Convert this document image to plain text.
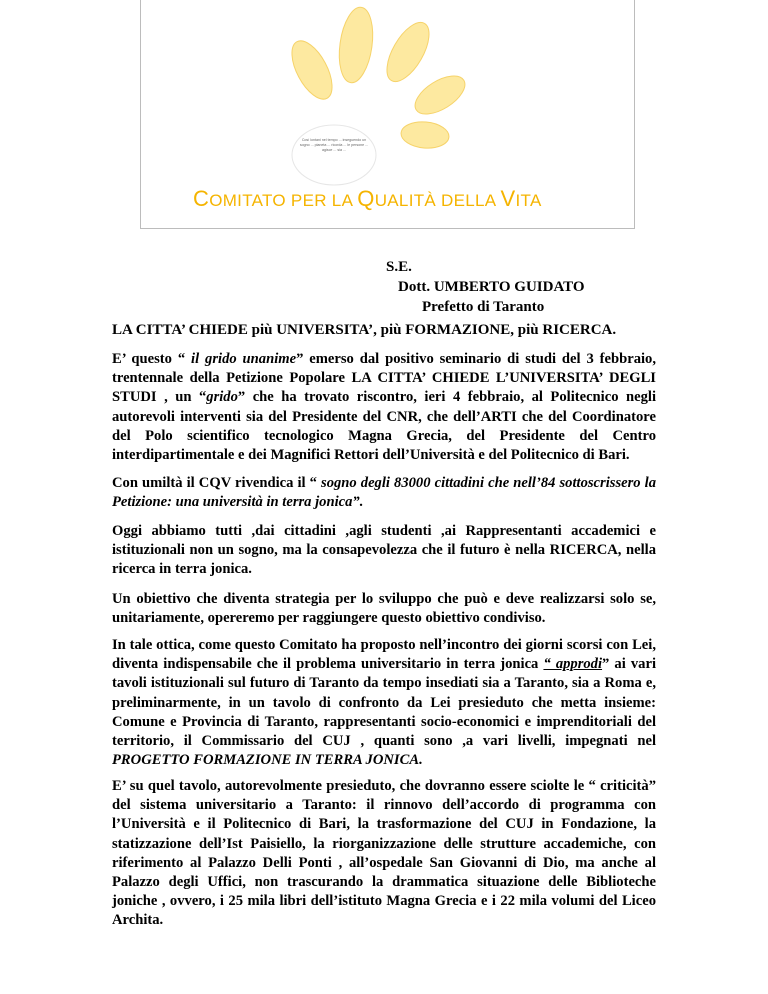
Così lontani nel tempo ... inseguendo un sogno ... pianeta ... ricorda ... le persone ... agisce ... sia ...
COMITATO PER LA QUALITÀ DELLA VITA
S.E.
Dott. UMBERTO GUIDATO
Prefetto di Taranto
LA CITTA’ CHIEDE più UNIVERSITA’, più FORMAZIONE, più RICERCA.
E’ questo “ il grido unanime” emerso dal positivo seminario di studi del 3 febbraio, trentennale della Petizione Popolare LA CITTA’ CHIEDE L’UNIVERSITA’ DEGLI STUDI , un “grido” che ha trovato riscontro, ieri 4 febbraio, al Politecnico negli autorevoli interventi sia del Presidente del CNR, che dell’ARTI che del Coordinatore del Polo scientifico tecnologico Magna Grecia, del Presidente del Centro interdipartimentale e dei Magnifici Rettori dell’Università e del Politecnico di Bari.
Con umiltà il CQV rivendica il “ sogno degli 83000 cittadini che nell’84 sottoscrissero la Petizione: una università in terra jonica”.
Oggi abbiamo tutti ,dai cittadini ,agli studenti ,ai Rappresentanti accademici e istituzionali non un sogno, ma la consapevolezza che il futuro è nella RICERCA, nella ricerca in terra jonica.
Un obiettivo che diventa strategia per lo sviluppo che può e deve realizzarsi solo se, unitariamente, opereremo per raggiungere questo obiettivo condiviso.
In tale ottica, come questo Comitato ha proposto nell’incontro dei giorni scorsi con Lei, diventa indispensabile che il problema universitario in terra jonica “ approdi” ai vari tavoli istituzionali sul futuro di Taranto da tempo insediati sia a Taranto, sia a Roma e, preliminarmente, in un tavolo di confronto da Lei presieduto che metta insieme: Comune e Provincia di Taranto, rappresentanti socio-economici e imprenditoriali del territorio, il Commissario del CUJ , quanti sono ,a vari livelli, impegnati nel PROGETTO FORMAZIONE IN TERRA JONICA.
E’ su quel tavolo, autorevolmente presieduto, che dovranno essere sciolte le “ criticità” del sistema universitario a Taranto: il rinnovo dell’accordo di programma con l’Università e il Politecnico di Bari, la trasformazione del CUJ in Fondazione, la statizzazione dell’Ist Paisiello, la riorganizzazione delle strutture accademiche, con riferimento al Palazzo Delli Ponti , all’ospedale San Giovanni di Dio, ma anche al Palazzo degli Uffici, non trascurando la drammatica situazione delle Biblioteche joniche , ovvero, i 25 mila libri dell’istituto Magna Grecia e i 22 mila volumi del Liceo Archita.
